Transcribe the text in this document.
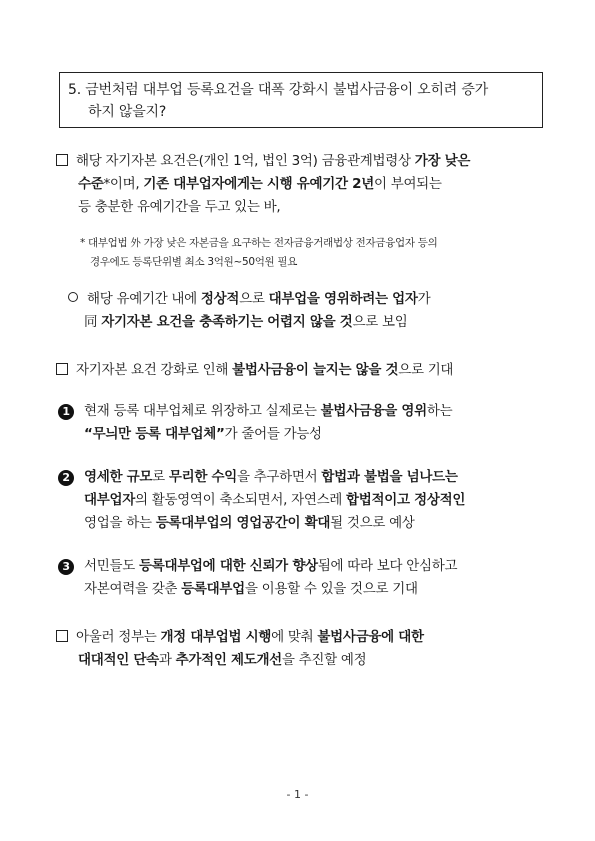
5. 금번처럼 대부업 등록요건을 대폭 강화시 불법사금융이 오히려 증가
하지 않을지?
해당 자기자본 요건은(개인 1억, 법인 3억) 금융관계법령상 가장 낮은
수준*이며, 기존 대부업자에게는 시행 유예기간 2년이 부여되는
등 충분한 유예기간을 두고 있는 바,
* 대부업법 外 가장 낮은 자본금을 요구하는 전자금융거래법상 전자금융업자 등의
경우에도 등록단위별 최소 3억원~50억원 필요
해당 유예기간 내에 정상적으로 대부업을 영위하려는 업자가
同 자기자본 요건을 충족하기는 어렵지 않을 것으로 보임
자기자본 요건 강화로 인해 불법사금융이 늘지는 않을 것으로 기대
1 현재 등록 대부업체로 위장하고 실제로는 불법사금융을 영위하는
“무늬만 등록 대부업체”가 줄어들 가능성
2 영세한 규모로 무리한 수익을 추구하면서 합법과 불법을 넘나드는
대부업자의 활동영역이 축소되면서, 자연스레 합법적이고 정상적인
영업을 하는 등록대부업의 영업공간이 확대될 것으로 예상
3 서민들도 등록대부업에 대한 신뢰가 향상됨에 따라 보다 안심하고
자본여력을 갖춘 등록대부업을 이용할 수 있을 것으로 기대
아울러 정부는 개정 대부업법 시행에 맞춰 불법사금융에 대한
대대적인 단속과 추가적인 제도개선을 추진할 예정
- 1 -
